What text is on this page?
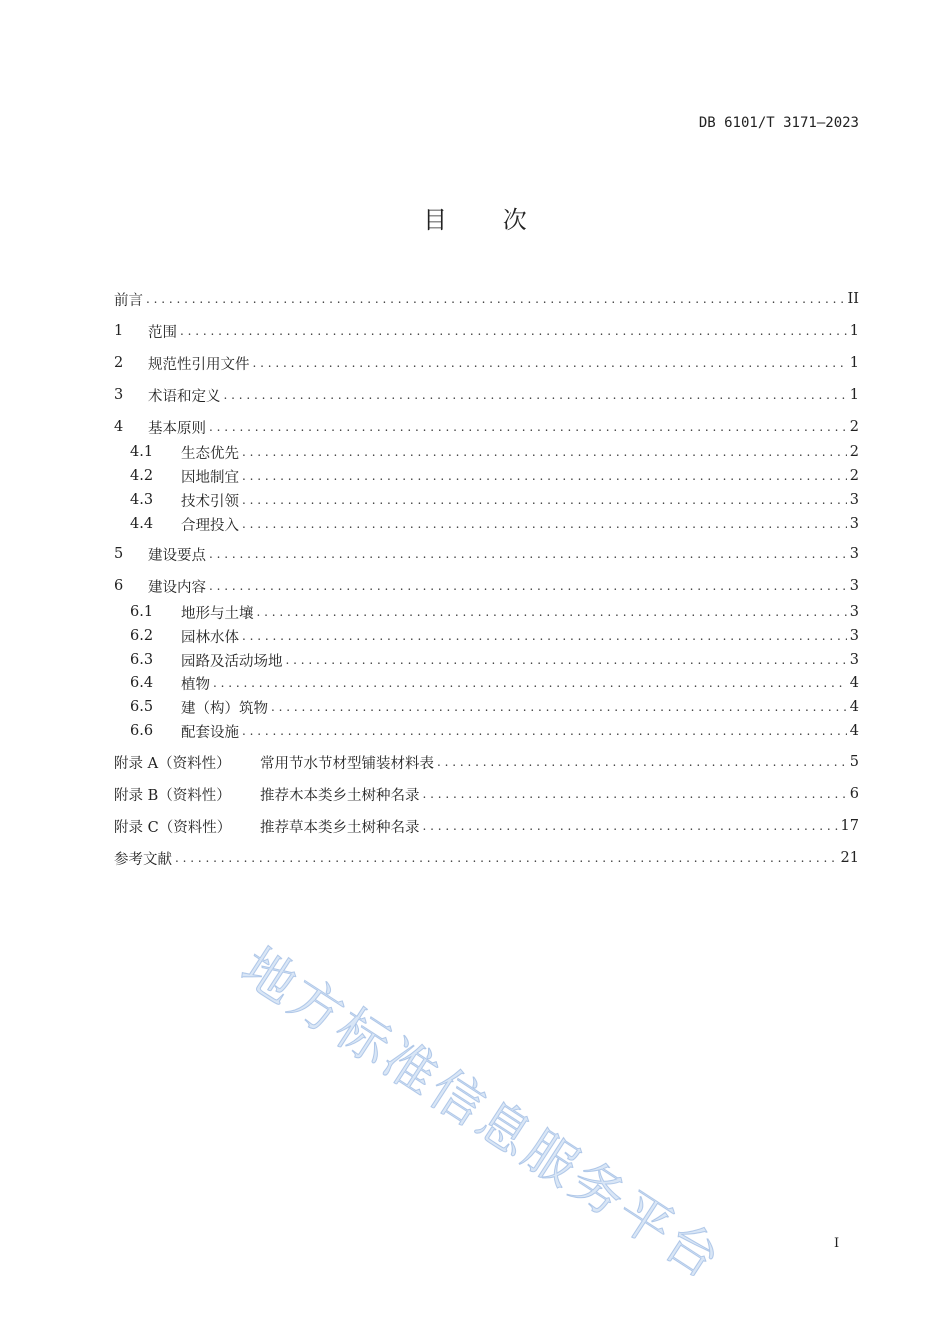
DB 6101/T 3171—2023
目 次
前言 . . .	II
1	范围 . . .	1
2	规范性引用文件 . . .	1
3	术语和定义 . . .	1
4	基本原则 . . .	2
4.1	生态优先 . . .	2
4.2	因地制宜 . . .	2
4.3	技术引领 . . .	3
4.4	合理投入 . . .	3
5	建设要点 . . .	3
6	建设内容 . . .	3
6.1	地形与土壤 . . .	3
6.2	园林水体 . . .	3
6.3	园路及活动场地 . . .	3
6.4	植物 . . .	4
6.5	建（构）筑物 . . .	4
6.6	配套设施 . . .	4
附录 A（资料性）	常用节水节材型铺装材料表 . . .	5
附录 B（资料性）	推荐木本类乡土树种名录 . . .	6
附录 C（资料性）	推荐草本类乡土树种名录 . . .	17
参考文献 . . .	21
I
地方标准信息服务平台
